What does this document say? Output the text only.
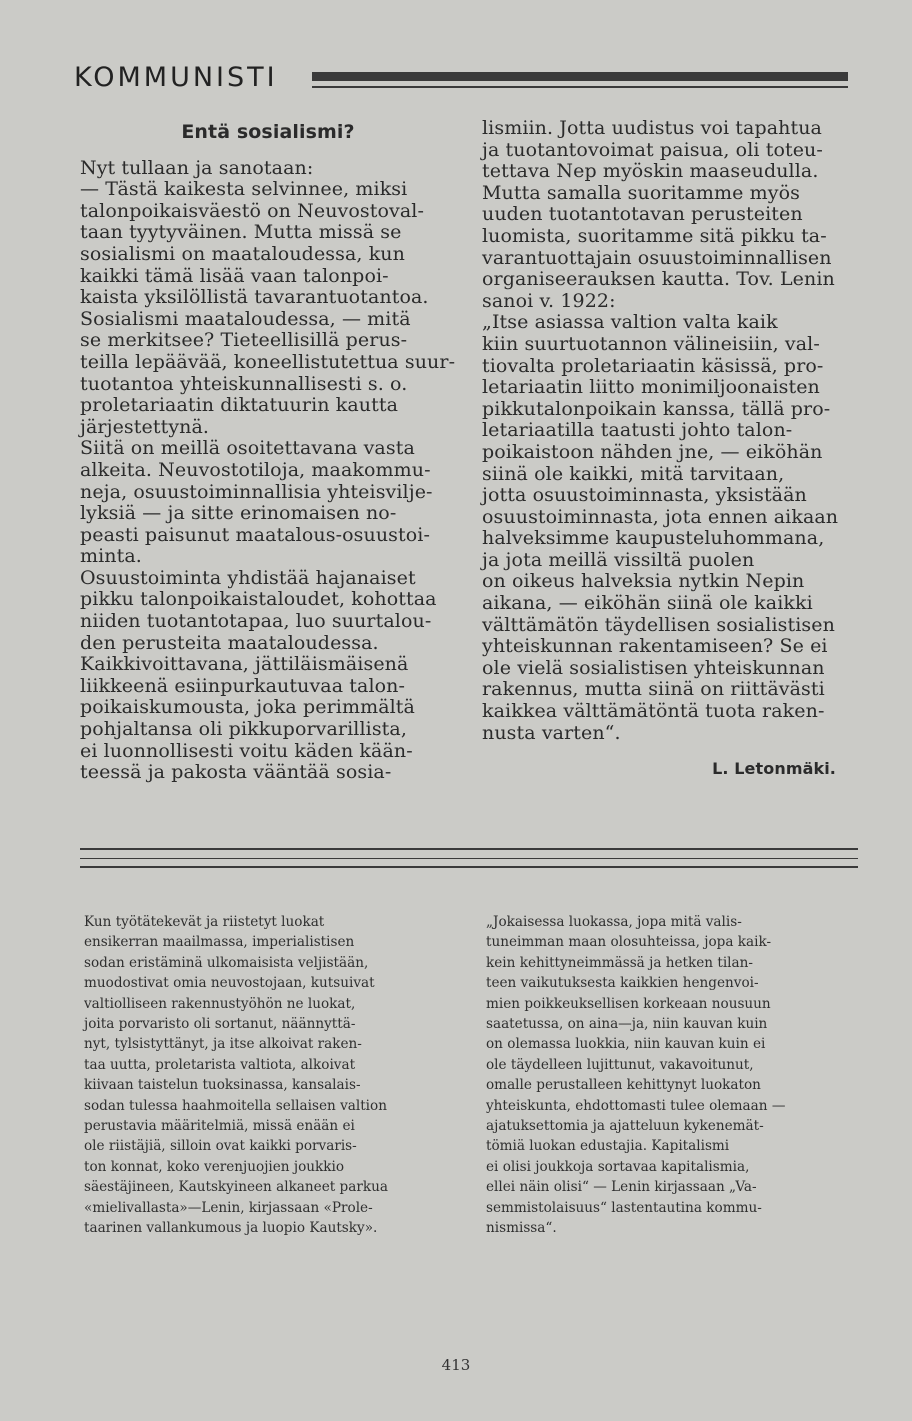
KOMMUNISTI
Entä sosialismi?
Nyt tullaan ja sanotaan:
— Tästä kaikesta selvinnee, miksi
talonpoikaisväestö on Neuvostoval-
taan tyytyväinen. Mutta missä se
sosialismi on maataloudessa, kun
kaikki tämä lisää vaan talonpoi-
kaista yksilöllistä tavarantuotantoa.
Sosialismi maataloudessa, — mitä
se merkitsee? Tieteellisillä perus-
teilla lepäävää, koneellistutettua suur-
tuotantoa yhteiskunnallisesti s. o.
proletariaatin diktatuurin kautta
järjestettynä.
Siitä on meillä osoitettavana vasta
alkeita. Neuvostotiloja, maakommu-
neja, osuustoiminnallisia yhteisvilje-
lyksiä — ja sitte erinomaisen no-
peasti paisunut maatalous-osuustoi-
minta.
Osuustoiminta yhdistää hajanaiset
pikku talonpoikaistaloudet, kohottaa
niiden tuotantotapaa, luo suurtalou-
den perusteita maataloudessa.
Kaikkivoittavana, jättiläismäisenä
liikkeenä esiinpurkautuvaa talon-
poikaiskumousta, joka perimmältä
pohjaltansa oli pikkuporvarillista,
ei luonnollisesti voitu käden kään-
teessä ja pakosta vääntää sosia-
lismiin. Jotta uudistus voi tapahtua
ja tuotantovoimat paisua, oli toteu-
tettava Nep myöskin maaseudulla.
Mutta samalla suoritamme myös
uuden tuotantotavan perusteiten
luomista, suoritamme sitä pikku ta-
varantuottajain osuustoiminnallisen
organiseerauksen kautta. Tov. Lenin
sanoi v. 1922:
„Itse asiassa valtion valta kaik
kiin suurtuotannon välineisiin, val-
tiovalta proletariaatin käsissä, pro-
letariaatin liitto monimiljoonaisten
pikkutalonpoikain kanssa, tällä pro-
letariaatilla taatusti johto talon-
poikaistoon nähden jne, — eiköhän
siinä ole kaikki, mitä tarvitaan,
jotta osuustoiminnasta, yksistään
osuustoiminnasta, jota ennen aikaan
halveksimme kaupusteluhommana,
ja jota meillä vissiltä puolen
on oikeus halveksia nytkin Nepin
aikana, — eiköhän siinä ole kaikki
välttämätön täydellisen sosialistisen
yhteiskunnan rakentamiseen? Se ei
ole vielä sosialistisen yhteiskunnan
rakennus, mutta siinä on riittävästi
kaikkea välttämätöntä tuota raken-
nusta varten“.
L. Letonmäki.
Kun työtätekevät ja riistetyt luokat
ensikerran maailmassa, imperialistisen
sodan eristäminä ulkomaisista veljistään,
muodostivat omia neuvostojaan, kutsuivat
valtiolliseen rakennustyöhön ne luokat,
joita porvaristo oli sortanut, näännyttä-
nyt, tylsistyttänyt, ja itse alkoivat raken-
taa uutta, proletarista valtiota, alkoivat
kiivaan taistelun tuoksinassa, kansalais-
sodan tulessa haahmoitella sellaisen valtion
perustavia määritelmiä, missä enään ei
ole riistäjiä, silloin ovat kaikki porvaris-
ton konnat, koko verenjuojien joukkio
säestäjineen, Kautskyineen alkaneet parkua
«mielivallasta»—Lenin, kirjassaan «Prole-
taarinen vallankumous ja luopio Kautsky».
„Jokaisessa luokassa, jopa mitä valis-
tuneimman maan olosuhteissa, jopa kaik-
kein kehittyneimmässä ja hetken tilan-
teen vaikutuksesta kaikkien hengenvoi-
mien poikkeuksellisen korkeaan nousuun
saatetussa, on aina—ja, niin kauvan kuin
on olemassa luokkia, niin kauvan kuin ei
ole täydelleen lujittunut, vakavoitunut,
omalle perustalleen kehittynyt luokaton
yhteiskunta, ehdottomasti tulee olemaan —
ajatuksettomia ja ajatteluun kykenemät-
tömiä luokan edustajia. Kapitalismi
ei olisi joukkoja sortavaa kapitalismia,
ellei näin olisi“ — Lenin kirjassaan „Va-
semmistolaisuus“ lastentautina kommu-
nismissa“.
413
